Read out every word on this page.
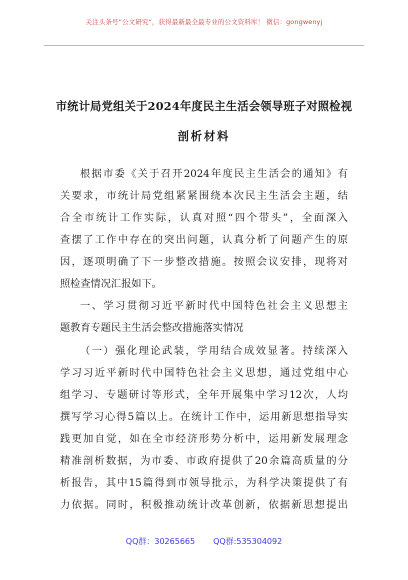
关注头条号“公文研究”，获得最新最全最专业的公文资料库！ 微信：gongwenyj
市统计局党组关于2024年度民主生活会领导班子对照检视
剖析材料
根据市委《关于召开2024年度民主生活会的通知》有
关要求，市统计局党组紧紧围绕本次民主生活会主题，结
合全市统计工作实际，认真对照“四个带头”，全面深入
查摆了工作中存在的突出问题，认真分析了问题产生的原
因，逐项明确了下一步整改措施。按照会议安排，现将对
照检查情况汇报如下。
一、学习贯彻习近平新时代中国特色社会主义思想主
题教育专题民主生活会整改措施落实情况
（一）强化理论武装，学用结合成效显著。持续深入
学习习近平新时代中国特色社会主义思想，通过党组中心
组学习、专题研讨等形式，全年开展集中学习12次，人均
撰写学习心得5篇以上。在统计工作中，运用新思想指导实
践更加自觉，如在全市经济形势分析中，运用新发展理念
精准剖析数据，为市委、市政府提供了20余篇高质量的分
析报告，其中15篇得到市领导批示，为科学决策提供了有
力依据。同时，积极推动统计改革创新，依据新思想提出
QQ群：30265665 QQ群:535304092
